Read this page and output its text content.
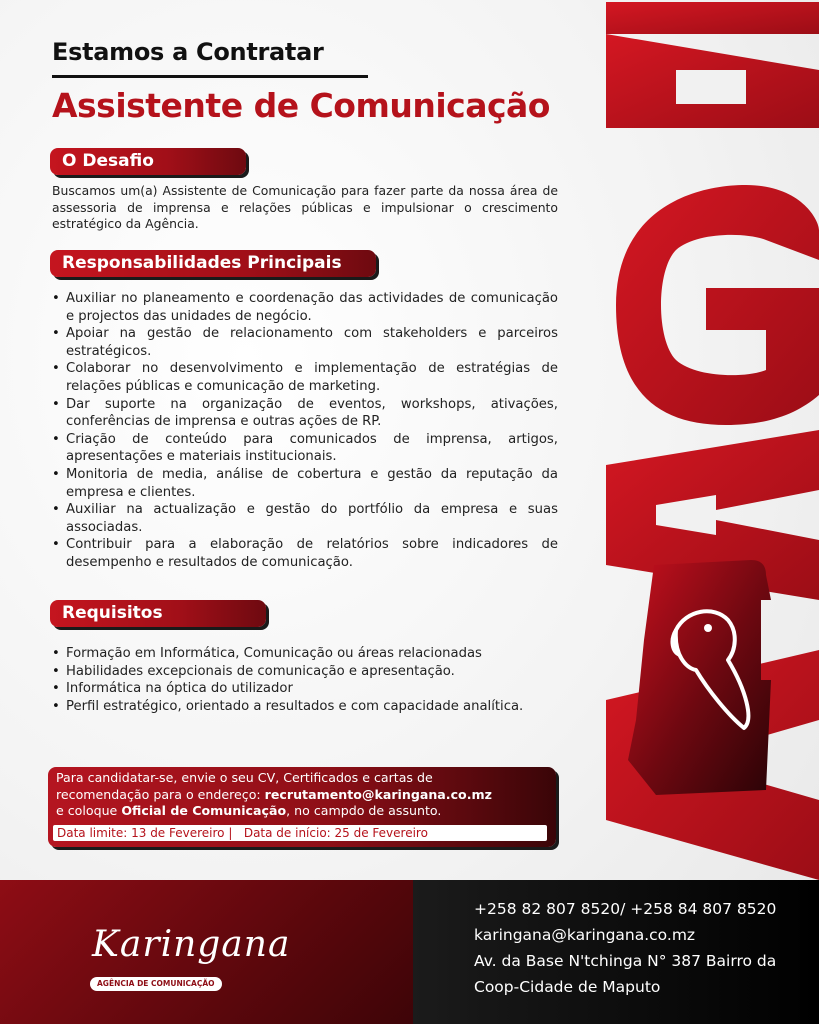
Estamos a Contratar
Assistente de Comunicação
O Desafio
Buscamos um(a) Assistente de Comunicação para fazer parte da nossa área de assessoria de imprensa e relações públicas e impulsionar o crescimento estratégico da Agência.
Responsabilidades Principais
• Auxiliar no planeamento e coordenação das actividades de comunicação e projectos das unidades de negócio.
• Apoiar na gestão de relacionamento com stakeholders e parceiros estratégicos.
• Colaborar no desenvolvimento e implementação de estratégias de relações públicas e comunicação de marketing.
• Dar suporte na organização de eventos, workshops, ativações, conferências de imprensa e outras ações de RP.
• Criação de conteúdo para comunicados de imprensa, artigos, apresentações e materiais institucionais.
• Monitoria de media, análise de cobertura e gestão da reputação da empresa e clientes.
• Auxiliar na actualização e gestão do portfólio da empresa e suas associadas.
• Contribuir para a elaboração de relatórios sobre indicadores de desempenho e resultados de comunicação.
Requisitos
• Formação em Informática, Comunicação ou áreas relacionadas
• Habilidades excepcionais de comunicação e apresentação.
• Informática na óptica do utilizador
• Perfil estratégico, orientado a resultados e com capacidade analítica.
Para candidatar-se, envie o seu CV, Certificados e cartas de
recomendação para o endereço: recrutamento@karingana.co.mz
e coloque Oficial de Comunicação, no campdo de assunto.
Data limite: 13 de Fevereiro | Data de início: 25 de Fevereiro
Karingana
AGÊNCIA DE COMUNICAÇÃO
+258 82 807 8520/ +258 84 807 8520
karingana@karingana.co.mz
Av. da Base N'tchinga N° 387 Bairro da
Coop-Cidade de Maputo
